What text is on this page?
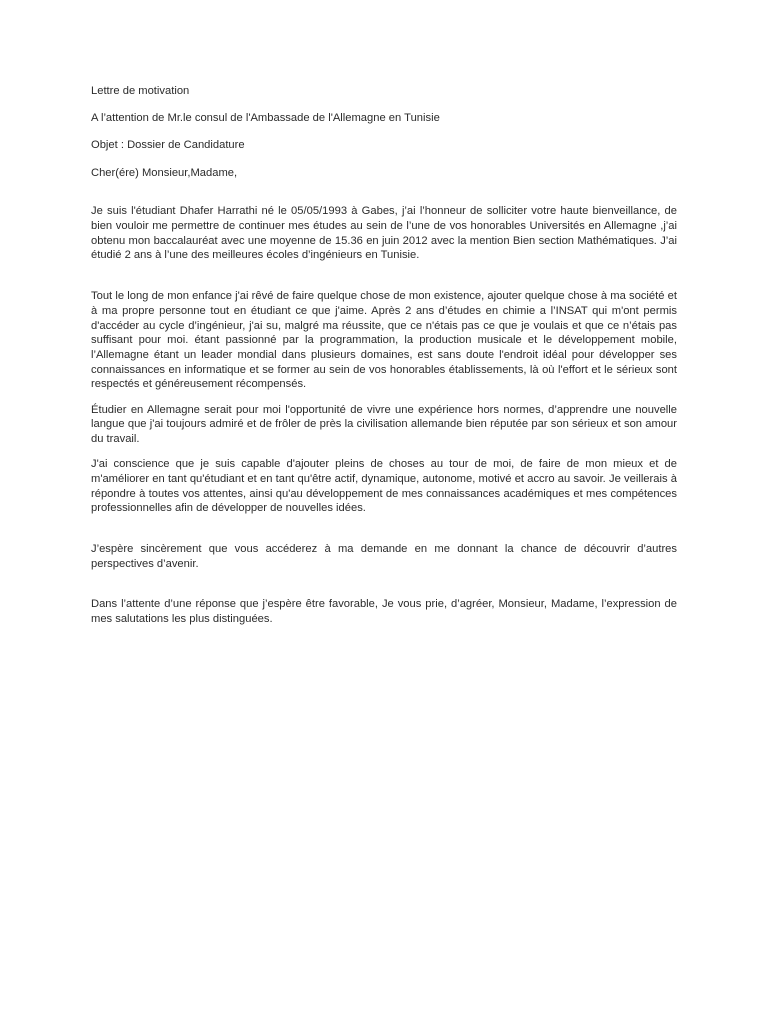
Lettre de motivation

A l’attention de Mr.le consul de l'Ambassade de l'Allemagne en Tunisie

Objet : Dossier de Candidature

Cher(ére) Monsieur,Madame,

Je suis l'étudiant Dhafer Harrathi né le 05/05/1993 à Gabes, j’ai l’honneur de solliciter votre haute bienveillance, de bien vouloir me permettre de continuer mes études au sein de l’une de vos honorables Universités en Allemagne ,j’ai obtenu mon baccalauréat avec une moyenne de 15.36 en juin 2012 avec la mention Bien section Mathématiques. J’ai étudié 2 ans à l’une des meilleures écoles d’ingénieurs en Tunisie.

Tout le long de mon enfance j'ai rêvé de faire quelque chose de mon existence, ajouter quelque chose à ma société et à ma propre personne tout en étudiant ce que j'aime. Après 2 ans d’études en chimie a l’INSAT qui m'ont permis d'accéder au cycle d’ingénieur, j'ai su, malgré ma réussite, que ce n'étais pas ce que je voulais et que ce n’étais pas suffisant pour moi. étant passionné par la programmation, la production musicale et le développement mobile, l’Allemagne étant un leader mondial dans plusieurs domaines, est sans doute l'endroit idéal pour développer ses connaissances en informatique et se former au sein de vos honorables établissements, là où l'effort et le sérieux sont respectés et généreusement récompensés.

Étudier en Allemagne serait pour moi l'opportunité de vivre une expérience hors normes, d’apprendre une nouvelle langue que j'ai toujours admiré et de frôler de près la civilisation allemande bien réputée par son sérieux et son amour du travail.

J'ai conscience que je suis capable d'ajouter pleins de choses au tour de moi, de faire de mon mieux et de m'améliorer en tant qu'étudiant et en tant qu'être actif, dynamique, autonome, motivé et accro au savoir. Je veillerais à répondre à toutes vos attentes, ainsi qu'au développement de mes connaissances académiques et mes compétences professionnelles afin de développer de nouvelles idées.

J’espère sincèrement que vous accéderez à ma demande en me donnant la chance de découvrir d’autres perspectives d’avenir.

Dans l’attente d’une réponse que j’espère être favorable, Je vous prie, d’agréer, Monsieur, Madame, l’expression de mes salutations les plus distinguées.
